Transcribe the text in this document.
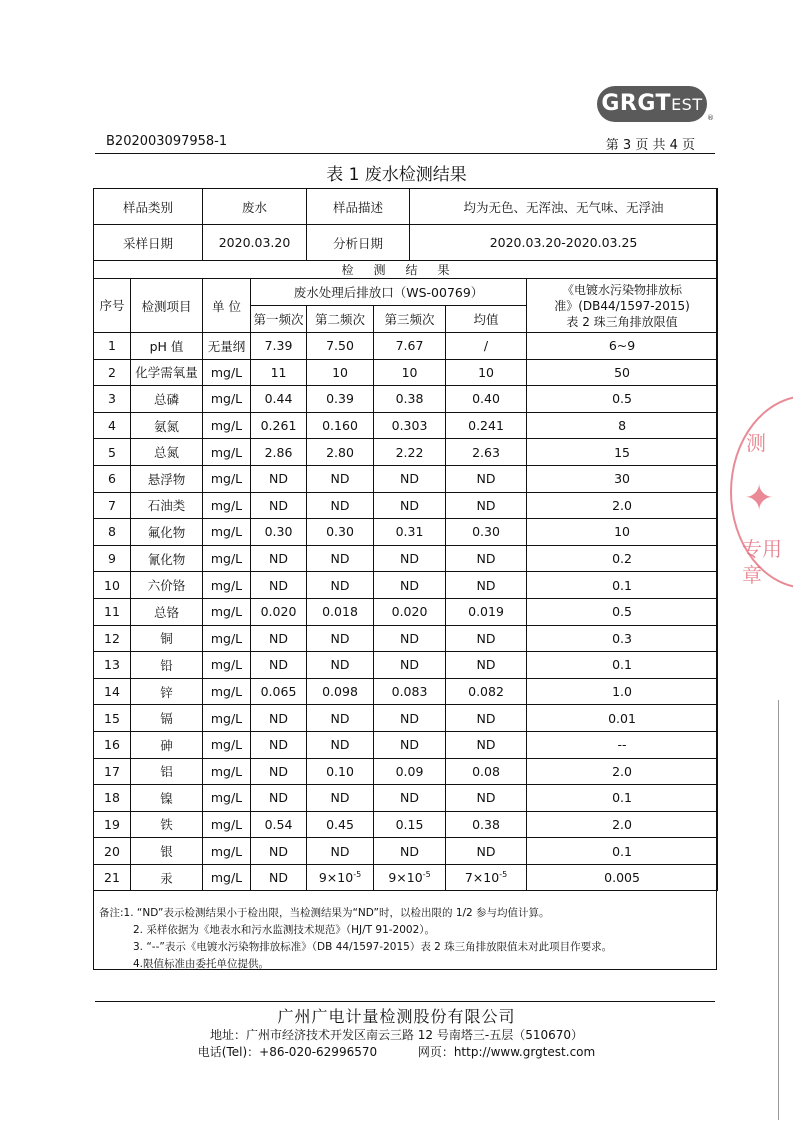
测
✦
专用章
GRGTEST
®
B202003097958-1	第 3 页 共 4 页
表 1 废水检测结果
样品类别		废水		样品描述		均为无色、无浑浊、无气味、无浮油		
采样日期		2020.03.20		分析日期		2020.03.20-2020.03.25		
检测结果								
序号	检测项目	单 位	废水处理后排放口（WS-00769）					《电镀水污染物排放标
准》(DB44/1597-2015)
表 2 珠三角排放限值

			第一频次	第二频次	第三频次		均值	
1	pH 值	无量纲	7.39	7.50	7.67		/	6~9
2	化学需氧量	mg/L	11	10	10		10	50
3	总磷	mg/L	0.44	0.39	0.38		0.40	0.5
4	氨氮	mg/L	0.261	0.160	0.303		0.241	8
5	总氮	mg/L	2.86	2.80	2.22		2.63	15
6	悬浮物	mg/L	ND	ND	ND		ND	30
7	石油类	mg/L	ND	ND	ND		ND	2.0
8	氟化物	mg/L	0.30	0.30	0.31		0.30	10
9	氰化物	mg/L	ND	ND	ND		ND	0.2
10	六价铬	mg/L	ND	ND	ND		ND	0.1
11	总铬	mg/L	0.020	0.018	0.020		0.019	0.5
12	铜	mg/L	ND	ND	ND		ND	0.3
13	铅	mg/L	ND	ND	ND		ND	0.1
14	锌	mg/L	0.065	0.098	0.083		0.082	1.0
15	镉	mg/L	ND	ND	ND		ND	0.01
16	砷	mg/L	ND	ND	ND		ND	--
17	铝	mg/L	ND	0.10	0.09		0.08	2.0
18	镍	mg/L	ND	ND	ND		ND	0.1
19	铁	mg/L	0.54	0.45	0.15		0.38	2.0
20	银	mg/L	ND	ND	ND		ND	0.1
21	汞	mg/L	ND	$9\times 10^{-5}$	$9\times 10^{-5}$		$7\times 10^{-5}$	0.005
备注:1. “ND”表示检测结果小于检出限，当检测结果为“ND”时，以检出限的 1/2 参与均值计算。
2. 采样依据为《地表水和污水监测技术规范》（HJ/T 91-2002）。
3. “--”表示《电镀水污染物排放标准》（DB 44/1597-2015）表 2 珠三角排放限值未对此项目作要求。
4.限值标准由委托单位提供。
广州广电计量检测股份有限公司
地址：广州市经济技术开发区南云三路 12 号南塔三-五层（510670）
电话(Tel)：+86-020-62996570	网页：http://www.grgtest.com
